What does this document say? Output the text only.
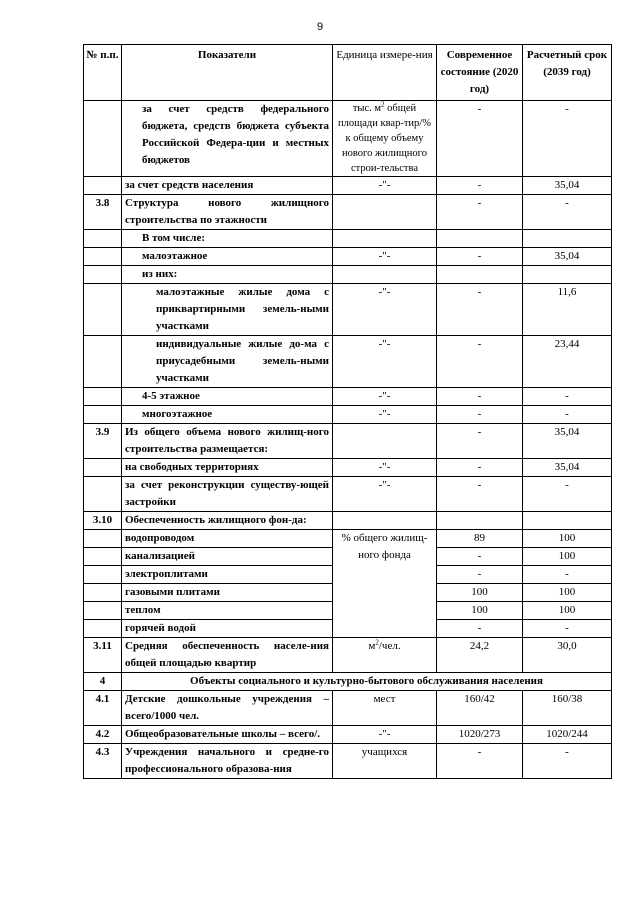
9
№ п.п.	Показатели	Единица измере-ния	Современное состояние (2020 год)	Расчетный срок (2039 год)
	за счет средств федерального бюджета, средств бюджета субъекта Российской Федера-ции и местных бюджетов	тыс. $м^2$ общей площади квар-тир/% к общему объему нового жилищного строи-тельства	-	-
	за счет средств населения	-"-	-	35,04
3.8	Структура нового жилищного строительства по этажности		-	-
	В том числе:			
	малоэтажное	-"-	-	35,04
	из них:			
	малоэтажные жилые дома с приквартирными земель-ными участками	-"-	-	11,6
	индивидуальные жилые до-ма с приусадебными земель-ными участками	-"-	-	23,44
	4-5 этажное	-"-	-	-
	многоэтажное	-"-	-	-
3.9	Из общего объема нового жилищ-ного строительства размещается:		-	35,04
	на свободных территориях	-"-	-	35,04
	за счет реконструкции существу-ющей застройки	-"-	-	-
3.10	Обеспеченность жилищного фон-да:			
	водопроводом	% общего жилищ-ного фонда	89	100
	канализацией		-	100
	электроплитами		-	-
	газовыми плитами		100	100
	теплом		100	100
	горячей водой		-	-
3.11	Средняя обеспеченность населе-ния общей площадью квартир	$м^2$/чел.	24,2	30,0
4	Объекты социального и культурно-бытового обслуживания населения			
4.1	Детские дошкольные учреждения – всего/1000 чел.	мест	160/42	160/38
4.2	Общеобразовательные школы – всего/.	-"-	1020/273	1020/244
4.3	Учреждения начального и средне-го профессионального образова-ния	учащихся	-	-
